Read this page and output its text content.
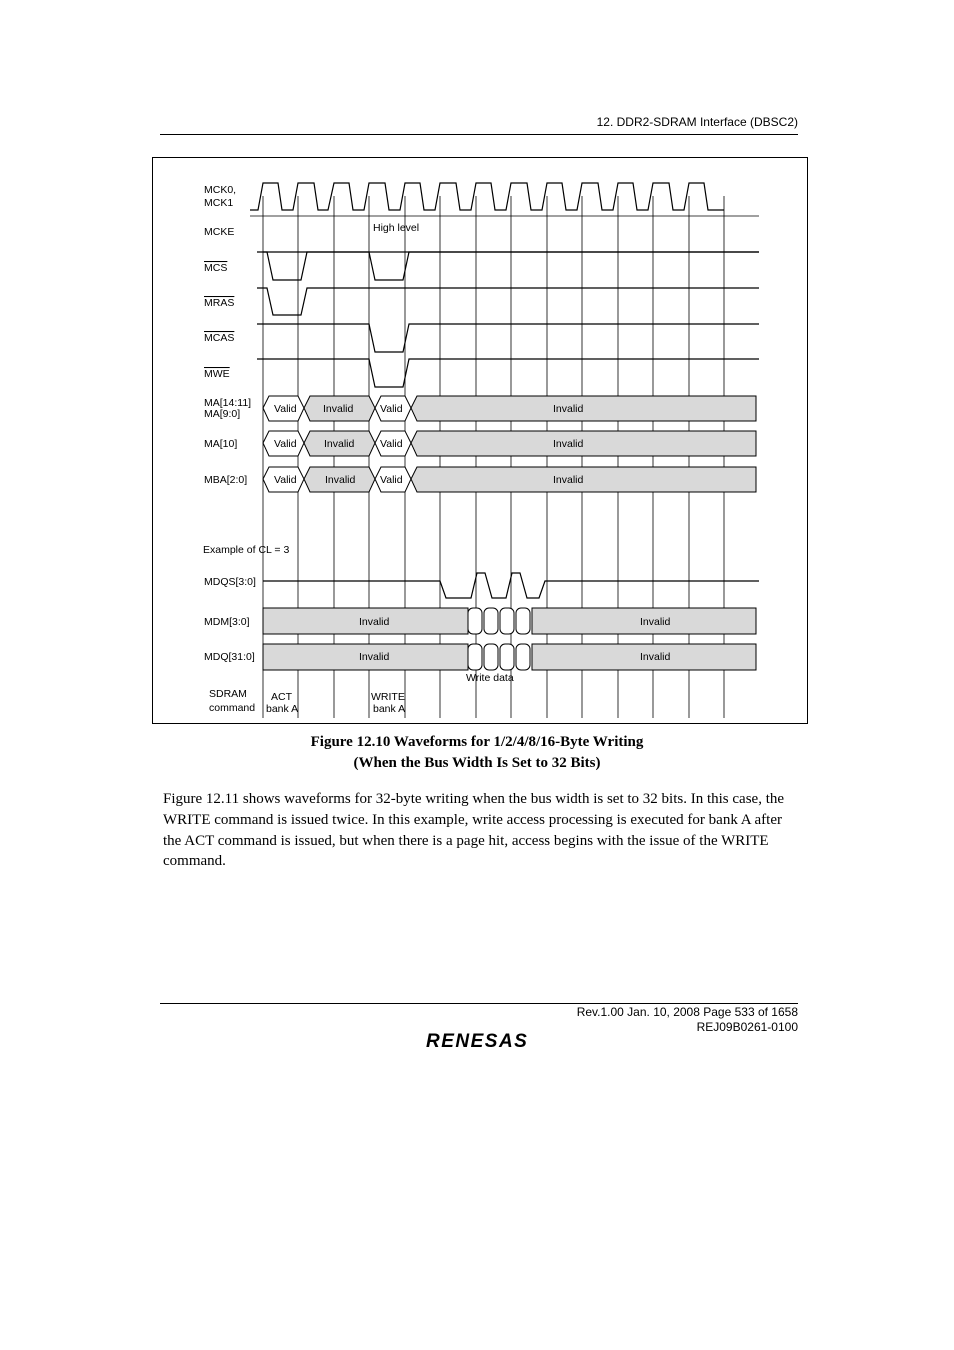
12. DDR2-SDRAM Interface (DBSC2)
MCK0,
MCK1
MCKE	High level
MCS
MRAS
MCAS
MWE
MA[14:11]
MA[9:0]	Valid	Invalid	Valid	Invalid
MA[10]	Valid	Invalid Valid	Invalid
MBA[2:0]	Valid	Invalid Valid	Invalid
Example of CL = 3
MDQS[3:0]
MDM[3:0]	Invalid	Invalid
MDQ[31:0]	Invalid	Invalid
Write data
SDRAM
command
ACT
bank A
WRITE
bank A
Figure 12.10 Waveforms for 1/2/4/8/16-Byte Writing
(When the Bus Width Is Set to 32 Bits)

Figure 12.11 shows waveforms for 32-byte writing when the bus width is set to 32 bits. In this case, the WRITE command is issued twice. In this example, write access processing is executed for bank A after the ACT command is issued, but when there is a page hit, access begins with the issue of the WRITE command.

Rev.1.00 Jan. 10, 2008 Page 533 of 1658
REJ09B0261-0100
RENESAS
